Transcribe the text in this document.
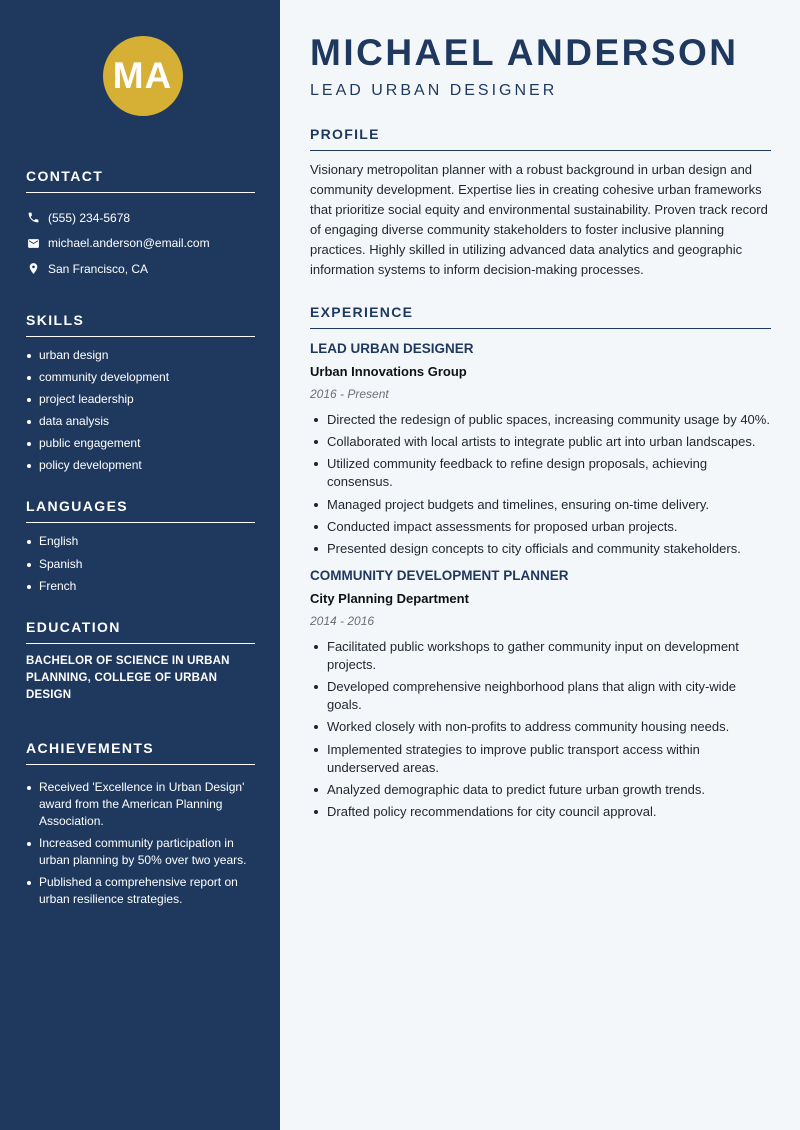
MA
CONTACT
(555) 234-5678
michael.anderson@email.com
San Francisco, CA
SKILLS
urban design
community development
project leadership
data analysis
public engagement
policy development
LANGUAGES
English
Spanish
French
EDUCATION
BACHELOR OF SCIENCE IN URBAN PLANNING, COLLEGE OF URBAN DESIGN
ACHIEVEMENTS
Received 'Excellence in Urban Design' award from the American Planning Association.
Increased community participation in urban planning by 50% over two years.
Published a comprehensive report on urban resilience strategies.
MICHAEL ANDERSON
LEAD URBAN DESIGNER
PROFILE
Visionary metropolitan planner with a robust background in urban design and community development. Expertise lies in creating cohesive urban frameworks that prioritize social equity and environmental sustainability. Proven track record of engaging diverse community stakeholders to foster inclusive planning practices. Highly skilled in utilizing advanced data analytics and geographic information systems to inform decision-making processes.
EXPERIENCE
LEAD URBAN DESIGNER
Urban Innovations Group
2016 - Present
Directed the redesign of public spaces, increasing community usage by 40%.
Collaborated with local artists to integrate public art into urban landscapes.
Utilized community feedback to refine design proposals, achieving consensus.
Managed project budgets and timelines, ensuring on-time delivery.
Conducted impact assessments for proposed urban projects.
Presented design concepts to city officials and community stakeholders.
COMMUNITY DEVELOPMENT PLANNER
City Planning Department
2014 - 2016
Facilitated public workshops to gather community input on development projects.
Developed comprehensive neighborhood plans that align with city-wide goals.
Worked closely with non-profits to address community housing needs.
Implemented strategies to improve public transport access within underserved areas.
Analyzed demographic data to predict future urban growth trends.
Drafted policy recommendations for city council approval.
